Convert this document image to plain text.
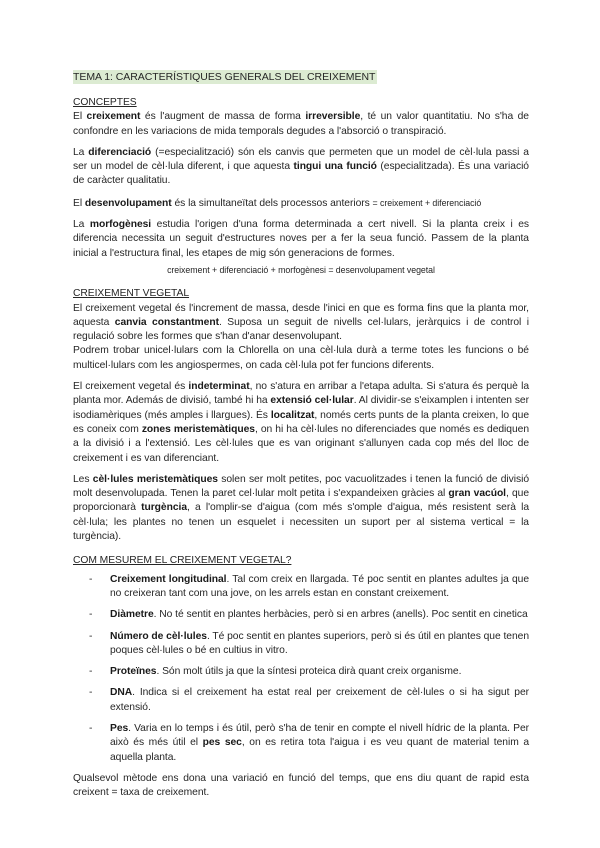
TEMA 1: CARACTERÍSTIQUES GENERALS DEL CREIXEMENT
CONCEPTES

El creixement és l'augment de massa de forma irreversible, té un valor quantitatiu. No s'ha de confondre en les variacions de mida temporals degudes a l'absorció o transpiració.

La diferenciació (=especialització) són els canvis que permeten que un model de cèl·lula passi a ser un model de cèl·lula diferent, i que aquesta tingui una funció (especialitzada). És una variació de caràcter qualitatiu.

El desenvolupament és la simultaneïtat dels processos anteriors = creixement + diferenciació

La morfogènesi estudia l'origen d'una forma determinada a cert nivell. Si la planta creix i es diferencia necessita un seguit d'estructures noves per a fer la seua funció. Passem de la planta inicial a l'estructura final, les etapes de mig són generacions de formes.

creixement + diferenciació + morfogènesi = desenvolupament vegetal
CREIXEMENT VEGETAL

El creixement vegetal és l'increment de massa, desde l'inici en que es forma fins que la planta mor, aquesta canvia constantment. Suposa un seguit de nivells cel·lulars, jeràrquics i de control i regulació sobre les formes que s'han d'anar desenvolupant.

Podrem trobar unicel·lulars com la Chlorella on una cèl·lula durà a terme totes les funcions o bé multicel·lulars com les angiospermes, on cada cèl·lula pot fer funcions diferents.

El creixement vegetal és indeterminat, no s'atura en arribar a l'etapa adulta. Si s'atura és perquè la planta mor. Además de divisió, també hi ha extensió cel·lular. Al dividir-se s'eixamplen i intenten ser isodiamèriques (més amples i llargues). És localitzat, només certs punts de la planta creixen, lo que es coneix com zones meristemàtiques, on hi ha cèl·lules no diferenciades que només es dediquen a la divisió i a l'extensió. Les cèl·lules que es van originant s'allunyen cada cop més del lloc de creixement i es van diferenciant.

Les cèl·lules meristemàtiques solen ser molt petites, poc vacuolitzades i tenen la funció de divisió molt desenvolupada. Tenen la paret cel·lular molt petita i s'expandeixen gràcies al gran vacúol, que proporcionarà turgència, a l'omplir-se d'aigua (com més s'omple d'aigua, més resistent serà la cèl·lula; les plantes no tenen un esquelet i necessiten un suport per al sistema vertical = la turgència).

COM MESUREM EL CREIXEMENT VEGETAL?
- Creixement longitudinal. Tal com creix en llargada. Té poc sentit en plantes adultes ja que no creixeran tant com una jove, on les arrels estan en constant creixement.
- Diàmetre. No té sentit en plantes herbàcies, però si en arbres (anells). Poc sentit en cinetica
- Número de cèl·lules. Té poc sentit en plantes superiors, però si és útil en plantes que tenen poques cèl·lules o bé en cultius in vitro.
- Proteïnes. Són molt útils ja que la síntesi proteica dirà quant creix organisme.
- DNA. Indica si el creixement ha estat real per creixement de cèl·lules o si ha sigut per extensió.
- Pes. Varia en lo temps i és útil, però s'ha de tenir en compte el nivell hídric de la planta. Per això és més útil el pes sec, on es retira tota l'aigua i es veu quant de material tenim a aquella planta.

Qualsevol mètode ens dona una variació en funció del temps, que ens diu quant de rapid esta creixent = taxa de creixement.
